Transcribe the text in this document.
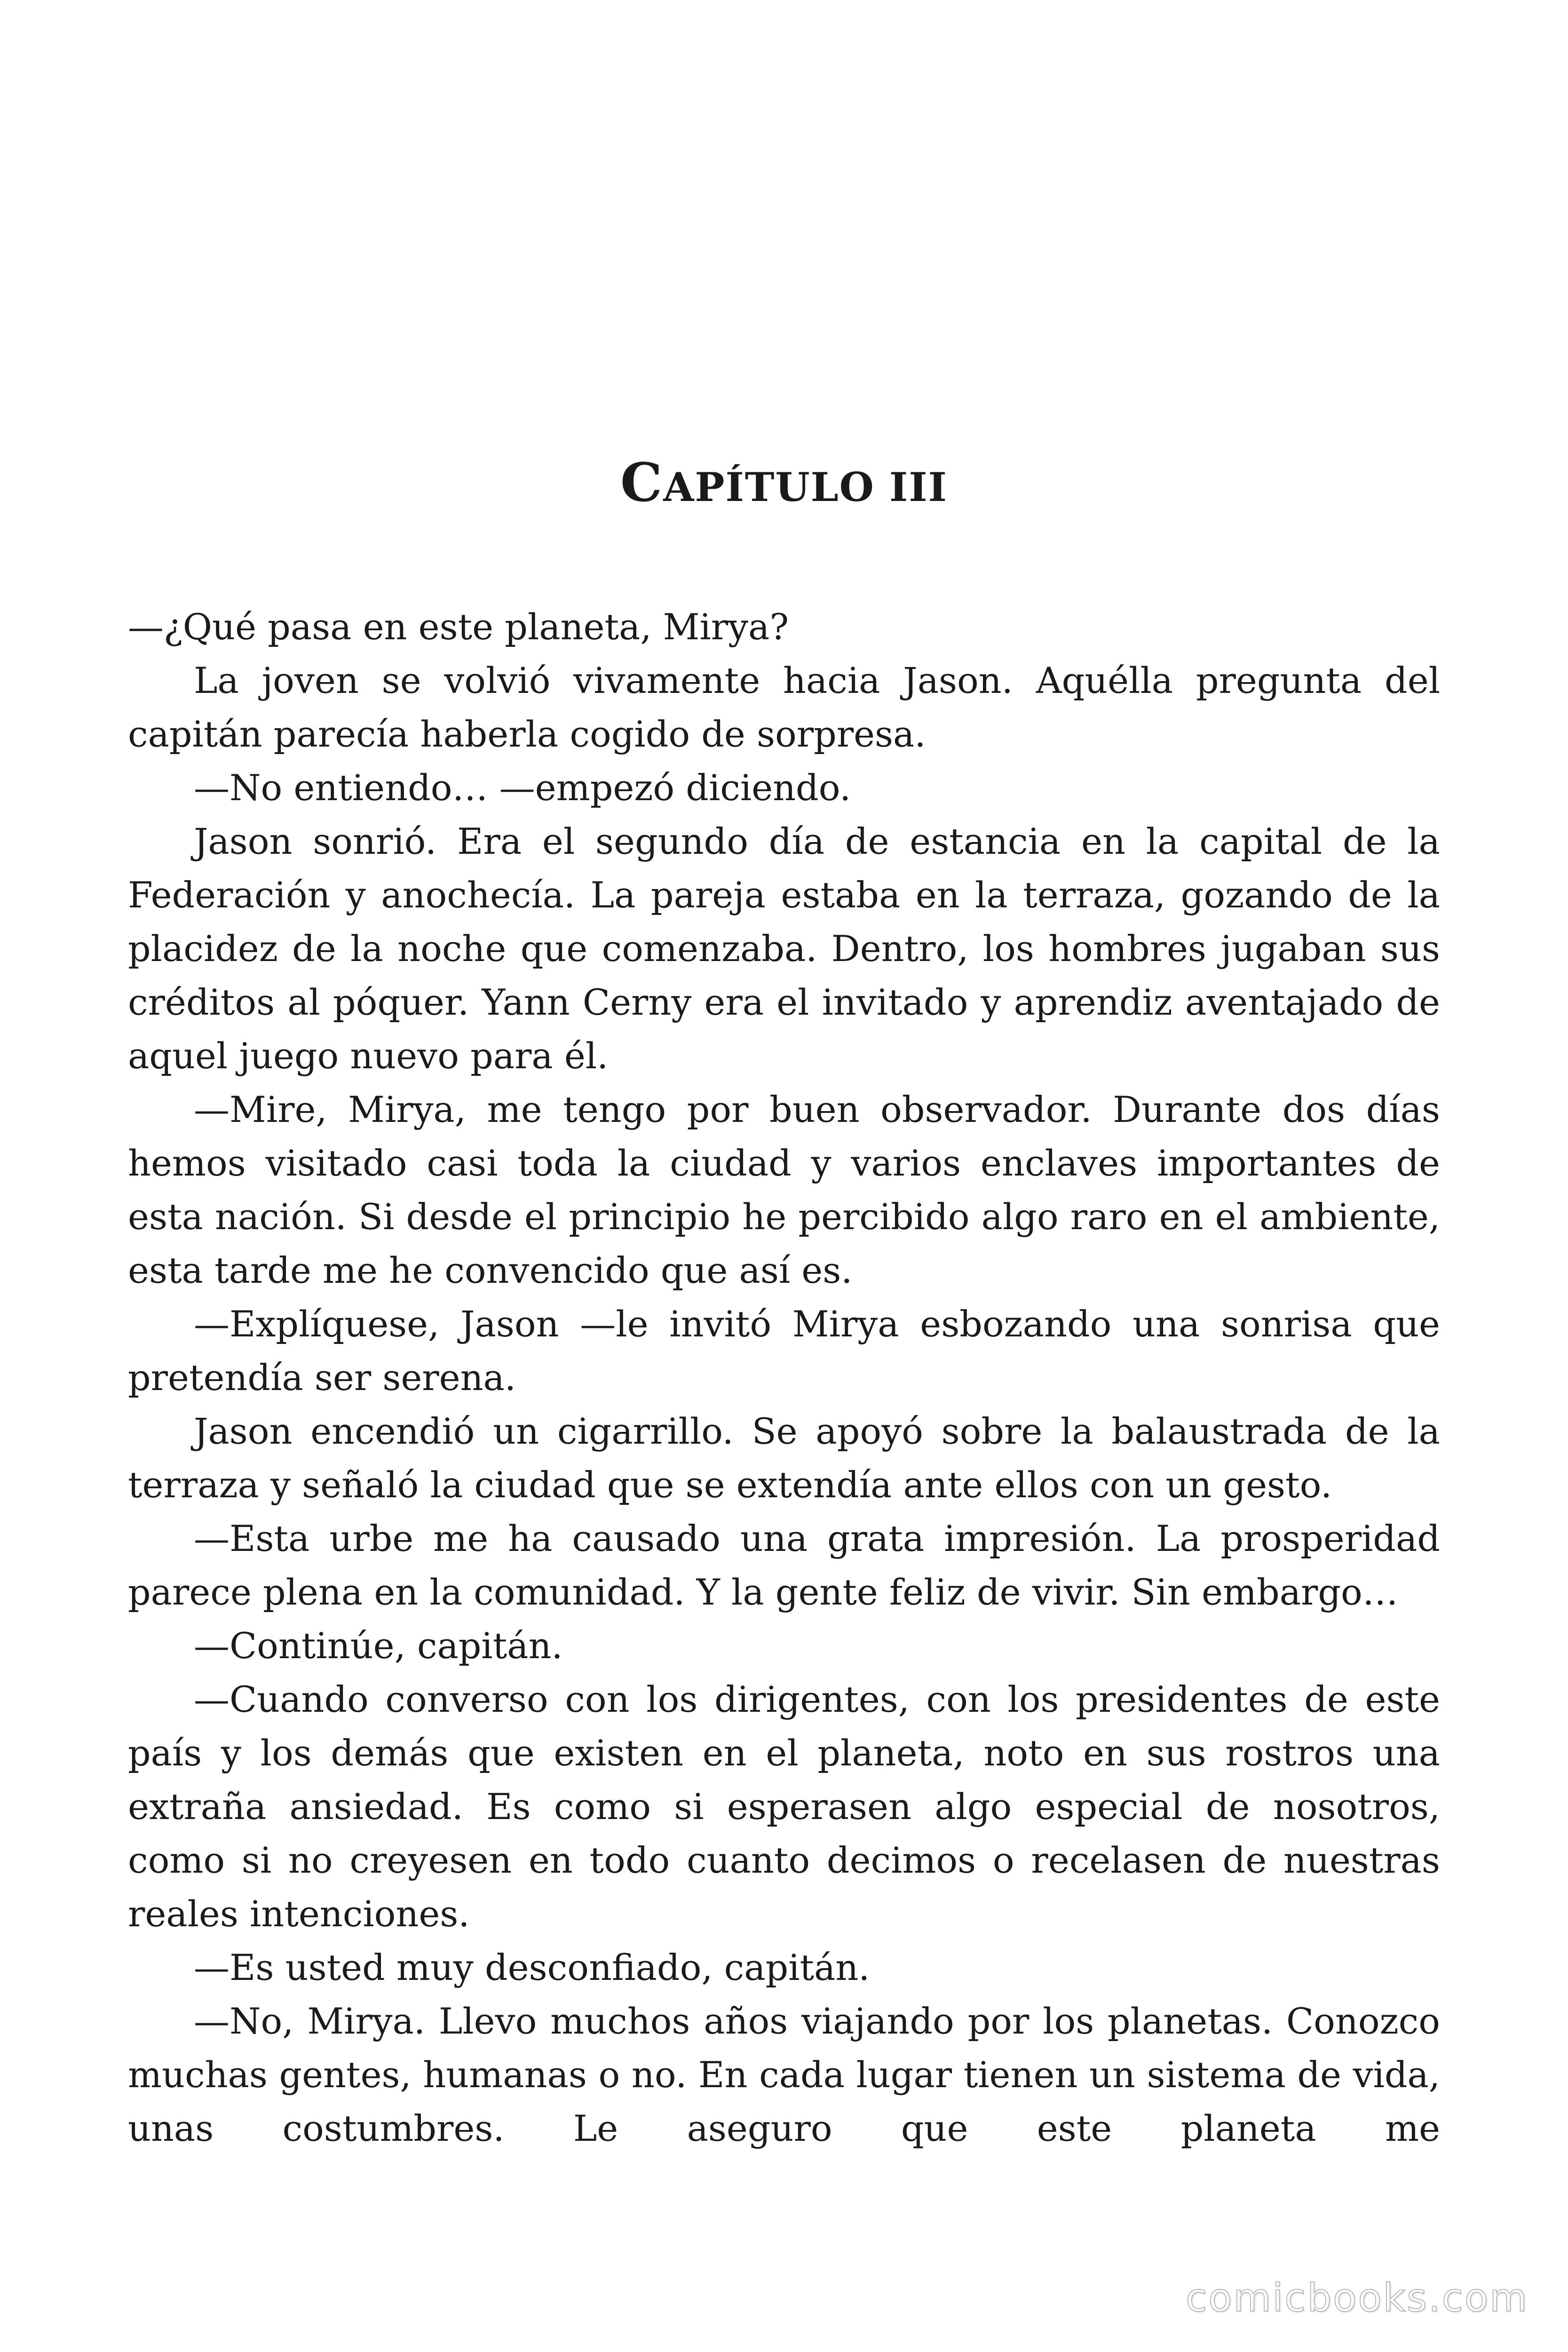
CAPÍTULO III

—¿Qué pasa en este planeta, Mirya?

La joven se volvió vivamente hacia Jason. Aquélla pregunta del capitán parecía haberla cogido de sorpresa.

—No entiendo… —empezó diciendo.

Jason sonrió. Era el segundo día de estancia en la capital de la Federación y anochecía. La pareja estaba en la terraza, gozando de la placidez de la noche que comenzaba. Dentro, los hombres jugaban sus créditos al póquer. Yann Cerny era el invitado y aprendiz aventajado de aquel juego nuevo para él.

—Mire, Mirya, me tengo por buen observador. Durante dos días hemos visitado casi toda la ciudad y varios enclaves importantes de esta nación. Si desde el principio he percibido algo raro en el ambiente, esta tarde me he convencido que así es.

—Explíquese, Jason —le invitó Mirya esbozando una sonrisa que pretendía ser serena.

Jason encendió un cigarrillo. Se apoyó sobre la balaustrada de la terraza y señaló la ciudad que se extendía ante ellos con un gesto.

—Esta urbe me ha causado una grata impresión. La prosperidad parece plena en la comunidad. Y la gente feliz de vivir. Sin embargo…

—Continúe, capitán.

—Cuando converso con los dirigentes, con los presidentes de este país y los demás que existen en el planeta, noto en sus rostros una extraña ansiedad. Es como si esperasen algo especial de nosotros, como si no creyesen en todo cuanto decimos o recelasen de nuestras reales intenciones.

—Es usted muy desconfiado, capitán.

—No, Mirya. Llevo muchos años viajando por los planetas. Conozco muchas gentes, humanas o no. En cada lugar tienen un sistema de vida, unas costumbres. Le aseguro que este planeta me

comicbooks.com
